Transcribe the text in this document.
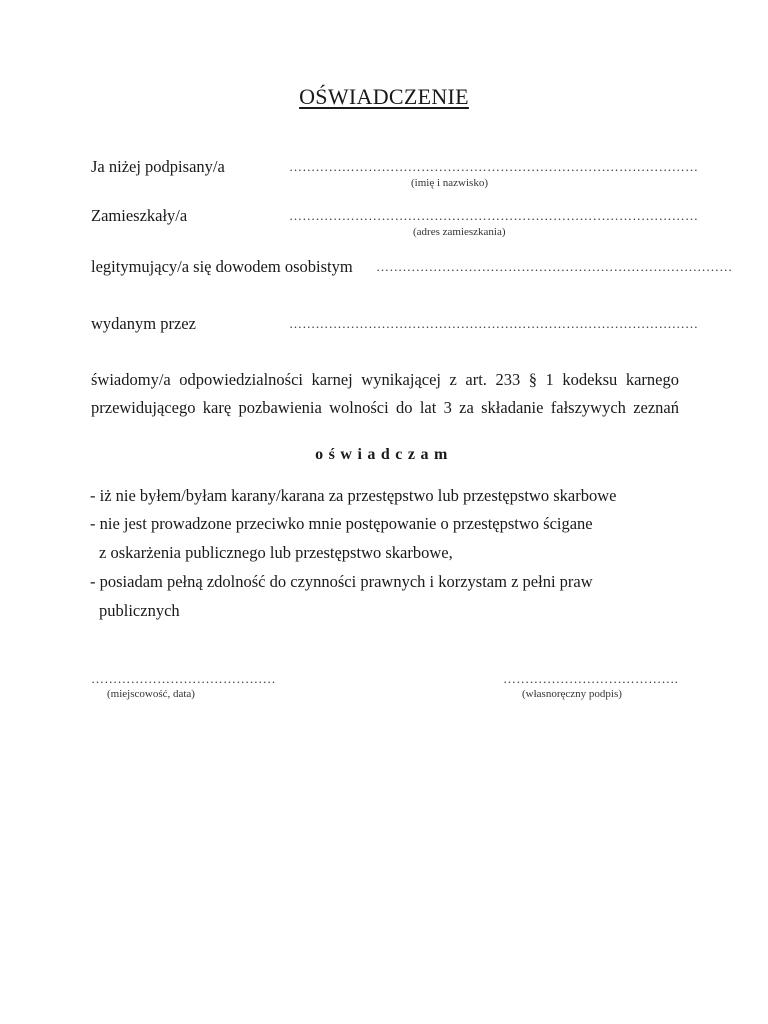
OŚWIADCZENIE
Ja niżej podpisany/a	…………………………………………………………………………………
(imię i nazwisko)
Zamieszkały/a	…………………………………………………………………………………
(adres zamieszkania)
legitymujący/a się dowodem osobistym ………………………………………………………………………
wydanym przez	…………………………………………………………………………………
świadomy/a odpowiedzialności karnej wynikającej z art. 233 § 1 kodeksu karnego
przewidującego karę pozbawienia wolności do lat 3 za składanie fałszywych zeznań
oświadczam
- iż nie byłem/byłam karany/karana za przestępstwo lub przestępstwo skarbowe
- nie jest prowadzone przeciwko mnie postępowanie o przestępstwo ścigane
z oskarżenia publicznego lub przestępstwo skarbowe,
- posiadam pełną zdolność do czynności prawnych i korzystam z pełni praw
publicznych
……………………………………
(miejscowość, data)
………………………………….
(własnoręczny podpis)
